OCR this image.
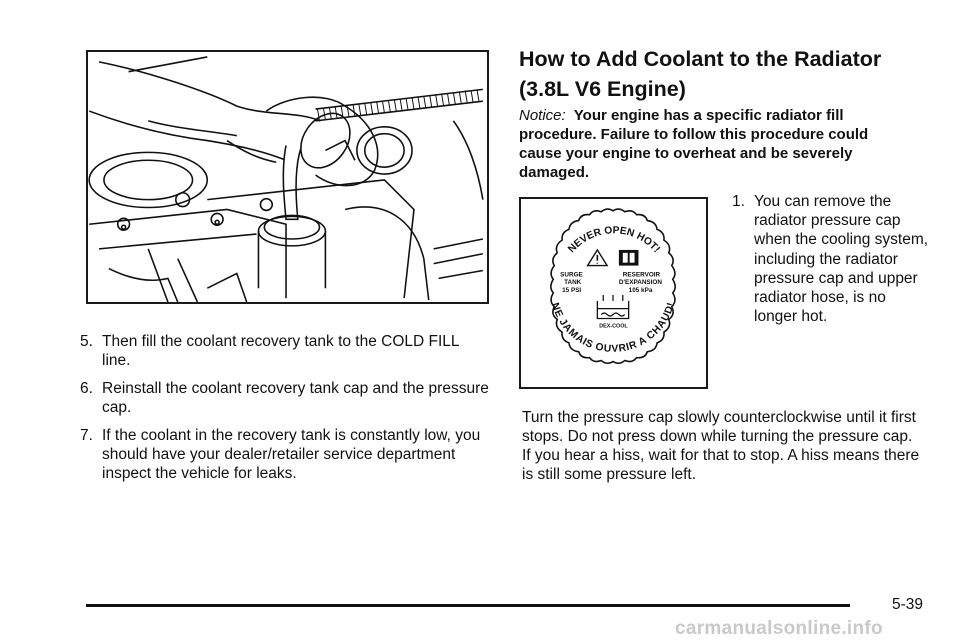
5. Then fill the coolant recovery tank to the COLD FILL line.
6. Reinstall the coolant recovery tank cap and the pressure cap.
7. If the coolant in the recovery tank is constantly low, you should have your dealer/retailer service department inspect the vehicle for leaks.
How to Add Coolant to the Radiator (3.8L V6 Engine)
Notice: Your engine has a specific radiator fill procedure. Failure to follow this procedure could cause your engine to overheat and be severely damaged.
NEVER OPEN HOT!
NE JAMAIS OUVRIR A CHAUD!
SURGE
TANK
15 PSI
RESERVOIR
D'EXPANSION
105 kPa
DEX-COOL
1. You can remove the radiator pressure cap when the cooling system, including the radiator pressure cap and upper radiator hose, is no longer hot.

Turn the pressure cap slowly counterclockwise until it first stops. Do not press down while turning the pressure cap. If you hear a hiss, wait for that to stop. A hiss means there is still some pressure left.

5-39
carmanualsonline.info
